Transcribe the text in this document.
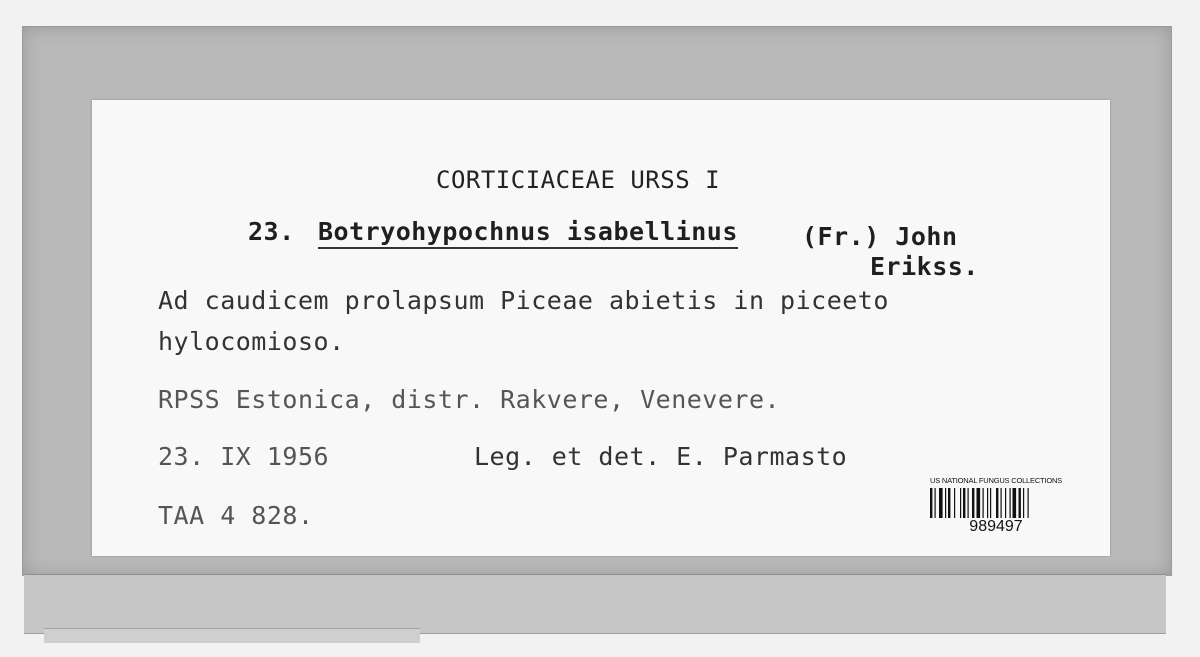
CORTICIACEAE URSS I
23. Botryohypochnus isabellinus	(Fr.) John
Erikss.
Ad caudicem prolapsum Piceae abietis in piceeto
hylocomioso.
RPSS Estonica, distr. Rakvere, Venevere.
23. IX 1956	Leg. et det. E. Parmasto
TAA 4 828.
US NATIONAL FUNGUS COLLECTIONS
989497
